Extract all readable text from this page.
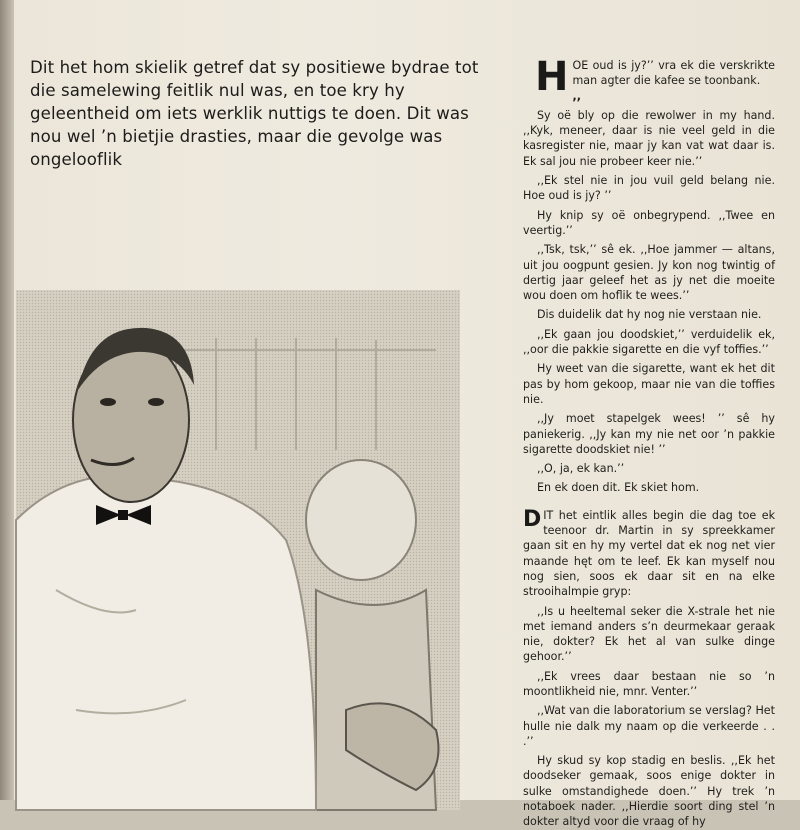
Dit het hom skielik getref dat sy positiewe bydrae tot die samelewing feitlik nul was, en toe kry hy geleentheid om iets werklik nuttigs te doen. Dit was nou wel ’n bietjie drasties, maar die gevolge was ongelooflik

HOE oud is jy?’’ vra ek die verskrikte man agter die kafee se toonbank.
,,

Sy oë bly op die rewolwer in my hand. ,,Kyk, meneer, daar is nie veel geld in die kasregister nie, maar jy kan vat wat daar is. Ek sal jou nie probeer keer nie.’’

,,Ek stel nie in jou vuil geld belang nie. Hoe oud is jy? ’’

Hy knip sy oë onbegrypend. ,,Twee en veertig.’’

,,Tsk, tsk,’’ sê ek. ,,Hoe jammer — altans, uit jou oogpunt gesien. Jy kon nog twintig of dertig jaar geleef het as jy net die moeite wou doen om hoflik te wees.’’

Dis duidelik dat hy nog nie verstaan nie.

,,Ek gaan jou doodskiet,’’ verduidelik ek, ,,oor die pakkie sigarette en die vyf toffies.’’

Hy weet van die sigarette, want ek het dit pas by hom gekoop, maar nie van die toffies nie.

,,Jy moet stapelgek wees! ’’ sê hy paniekerig. ,,Jy kan my nie net oor ’n pakkie sigarette doodskiet nie! ’’

,,O, ja, ek kan.’’

En ek doen dit. Ek skiet hom.

DIT het eintlik alles begin die dag toe ek teenoor dr. Martin in sy spreekkamer gaan sit en hy my vertel dat ek nog net vier maande hęt om te leef. Ek kan myself nou nog sien, soos ek daar sit en na elke strooihalmpie gryp:

,,Is u heeltemal seker die X-strale het nie met iemand anders s’n deurmekaar geraak nie, dokter? Ek het al van sulke dinge gehoor.’’

,,Ek vrees daar bestaan nie so ’n moontlikheid nie, mnr. Venter.’’

,,Wat van die laboratorium se verslag? Het hulle nie dalk my naam op die verkeerde . . .’’

Hy skud sy kop stadig en beslis. ,,Ek het doodseker gemaak, soos enige dokter in sulke omstandighede doen.’’ Hy trek ’n notaboek nader. ,,Hierdie soort ding stel ’n dokter altyd voor die vraag of hy
